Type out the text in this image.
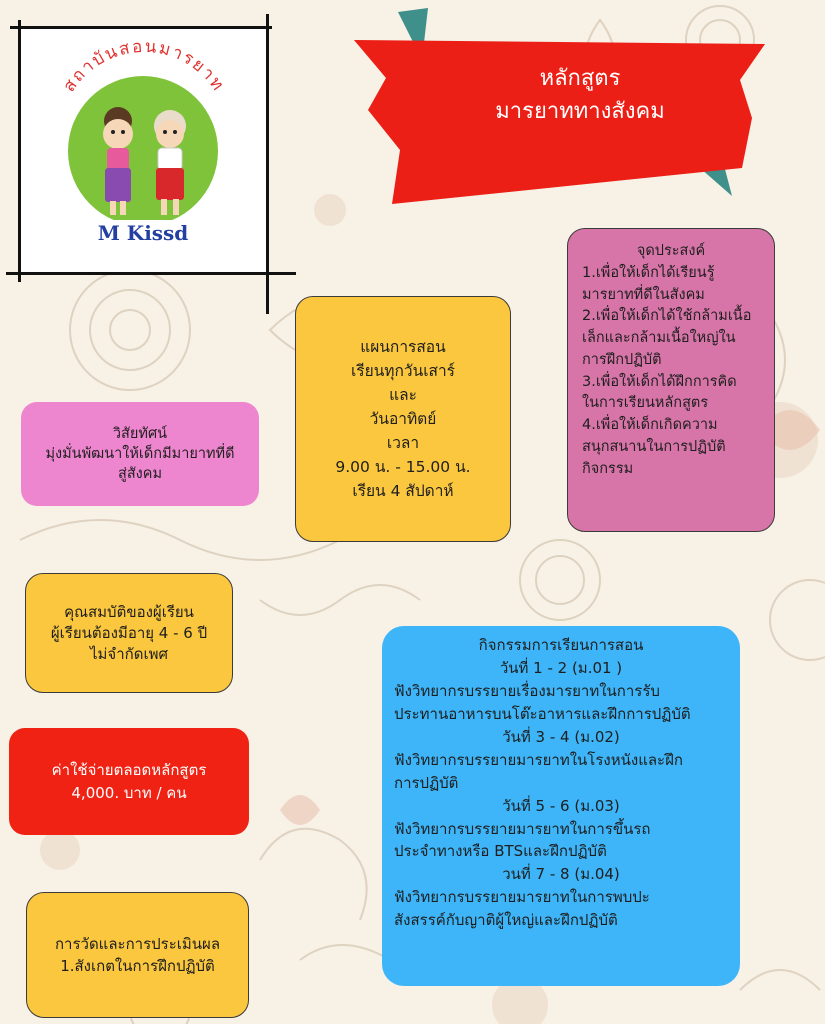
สถาบันสอนมารยาท
M Kissd
หลักสูตร
มารยาททางสังคม
แผนการสอน
เรียนทุกวันเสาร์
และ
วันอาทิตย์
เวลา
9.00 น. - 15.00 น.
เรียน 4 สัปดาห์
จุดประสงค์
1.เพื่อให้เด็กได้เรียนรู้
มารยาทที่ดีในสังคม
2.เพื่อให้เด็กได้ใช้กล้ามเนื้อ
เล็กและกล้ามเนื้อใหญ่ใน
การฝึกปฏิบัติ
3.เพื่อให้เด็กได้ฝึกการคิด
ในการเรียนหลักสูตร
4.เพื่อให้เด็กเกิดความ
สนุกสนานในการปฏิบัติ
กิจกรรม
วิสัยทัศน์
มุ่งมั่นพัฒนาให้เด็กมีมายาทที่ดี
สู่สังคม
คุณสมบัติของผู้เรียน
ผู้เรียนต้องมีอายุ 4 - 6 ปี
ไม่จำกัดเพศ
ค่าใช้จ่ายตลอดหลักสูตร
4,000. บาท / คน
การวัดและการประเมินผล
1.สังเกตในการฝึกปฏิบัติ
กิจกรรมการเรียนการสอน
วันที่ 1 - 2 (ม.01 )
ฟังวิทยากรบรรยายเรื่องมารยาทในการรับ
ประทานอาหารบนโต๊ะอาหารและฝึกการปฏิบัติ
วันที่ 3 - 4 (ม.02)
ฟังวิทยากรบรรยายมารยาทในโรงหนังและฝึก
การปฏิบัติ
วันที่ 5 - 6 (ม.03)
ฟังวิทยากรบรรยายมารยาทในการขึ้นรถ
ประจำทางหรือ BTSและฝึกปฏิบัติ
วนที่ 7 - 8 (ม.04)
ฟังวิทยากรบรรยายมารยาทในการพบปะ
สังสรรค์กับญาติผู้ใหญ่และฝึกปฏิบัติ
